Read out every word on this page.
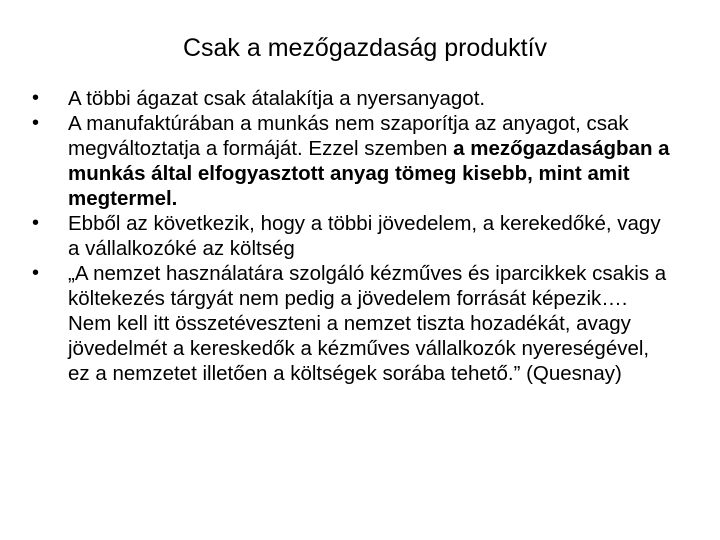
Csak a mezőgazdaság produktív
•	A többi ágazat csak átalakítja a nyersanyagot.
•	A manufaktúrában a munkás nem szaporítja az anyagot, csak megváltoztatja a formáját. Ezzel szemben a mezőgazdaságban a munkás által elfogyasztott anyag tömeg kisebb, mint amit megtermel.
•	Ebből az következik, hogy a többi jövedelem, a kerekedőké, vagy a vállalkozóké az költség
•	„A nemzet használatára szolgáló kézműves és iparcikkek csakis a költekezés tárgyát nem pedig a jövedelem forrását képezik…. Nem kell itt összetéveszteni a nemzet tiszta hozadékát, avagy jövedelmét a kereskedők a kézműves vállalkozók nyereségével, ez a nemzetet illetően a költségek sorába tehető.” (Quesnay)
